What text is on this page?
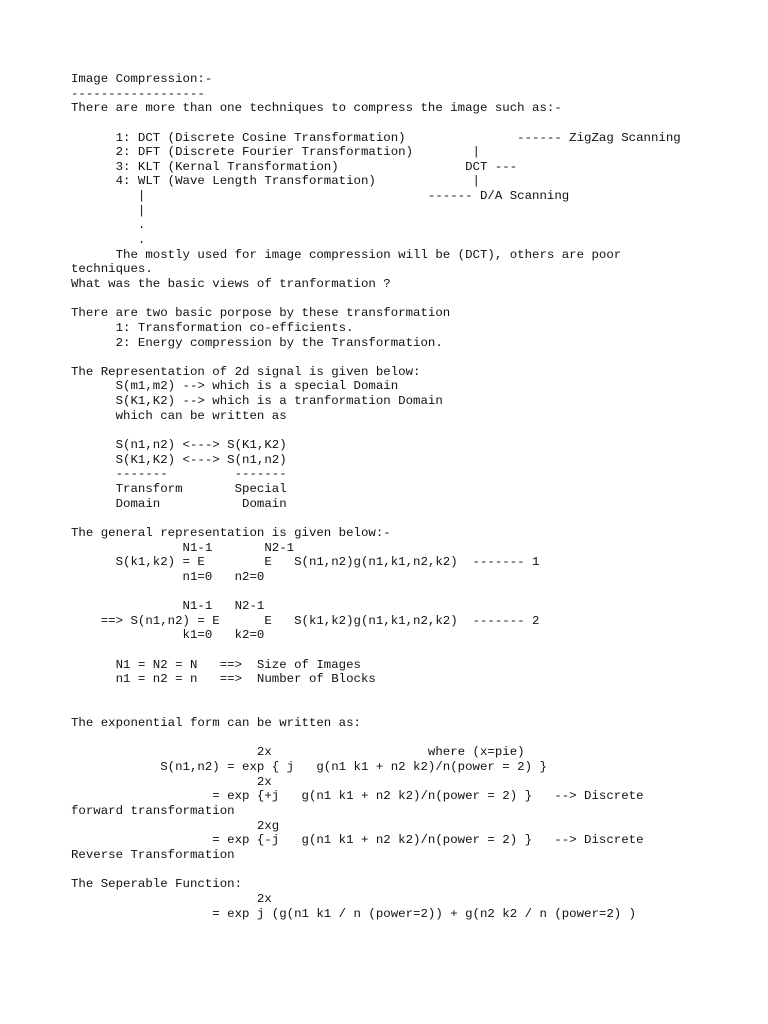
Image Compression:-
------------------
There are more than one techniques to compress the image such as:-
1: DCT (Discrete Cosine Transformation)               ------ ZigZag Scanning
2: DFT (Discrete Fourier Transformation)        |
3: KLT (Kernal Transformation)                 DCT ---
4: WLT (Wave Length Transformation)             |
|                                      ------ D/A Scanning
|
.
.
The mostly used for image compression will be (DCT), others are poor
techniques.
What was the basic views of tranformation ?
There are two basic porpose by these transformation
1: Transformation co-efficients.
2: Energy compression by the Transformation.
The Representation of 2d signal is given below:
S(m1,m2) --> which is a special Domain
S(K1,K2) --> which is a tranformation Domain
which can be written as
S(n1,n2) <---> S(K1,K2)
S(K1,K2) <---> S(n1,n2)
-------         -------
Transform       Special
Domain           Domain
The general representation is given below:-
N1-1       N2-1
S(k1,k2) = E        E   S(n1,n2)g(n1,k1,n2,k2)  ------- 1
n1=0   n2=0
N1-1   N2-1
==> S(n1,n2) = E      E   S(k1,k2)g(n1,k1,n2,k2)  ------- 2
k1=0   k2=0
N1 = N2 = N   ==>  Size of Images
n1 = n2 = n   ==>  Number of Blocks
The exponential form can be written as:
2x                     where (x=pie)
S(n1,n2) = exp { j   g(n1 k1 + n2 k2)/n(power = 2) }
2x
= exp {+j   g(n1 k1 + n2 k2)/n(power = 2) }   --> Discrete
forward transformation
2xg
= exp {-j   g(n1 k1 + n2 k2)/n(power = 2) }   --> Discrete
Reverse Transformation
The Seperable Function:
2x
= exp j (g(n1 k1 / n (power=2)) + g(n2 k2 / n (power=2) )
